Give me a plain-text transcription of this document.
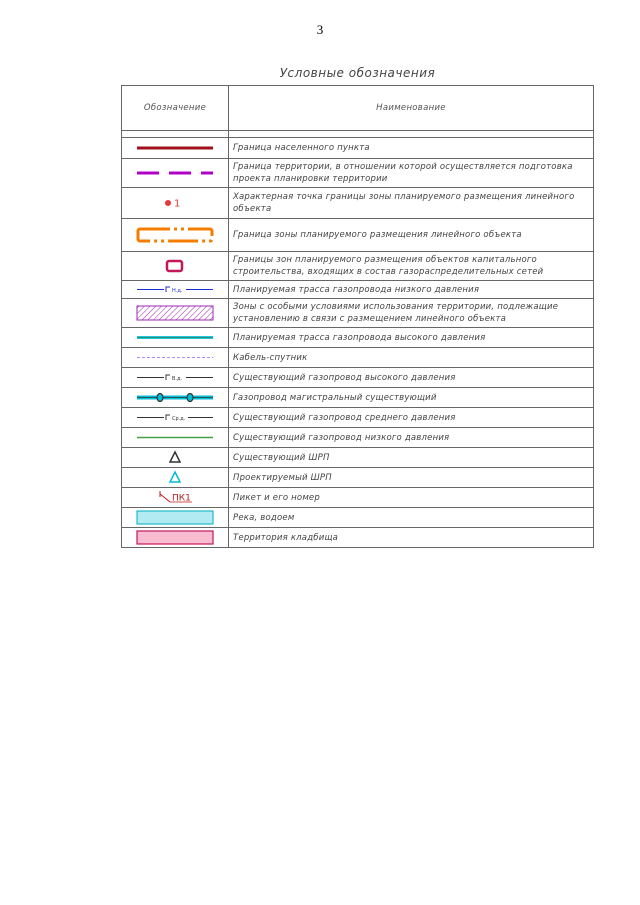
3
Условные обозначения
Обозначение	Наименование

	Граница населенного пункта

	Граница территории, в отношении которой осуществляется подготовка проекта планировки территории

1	Характерная точка границы зоны планируемого размещения линейного объекта

	Граница зоны планируемого размещения линейного объекта

	Границы зон планируемого размещения объектов капитального строительства, входящих в состав газораспределительных сетей

Н.д.	Планируемая трасса газопровода низкого давления

	Зоны с особыми условиями использования территории, подлежащие установлению в связи с размещением линейного объекта

	Планируемая трасса газопровода высокого давления

	Кабель-спутник

В.д.	Существующий газопровод высокого давления

	Газопровод магистральный существующий

Ср.д.	Существующий газопровод среднего давления

	Существующий газопровод низкого давления

	Существующий ШРП

	Проектируемый ШРП

ПК1	Пикет и его номер

	Река, водоем

	Территория кладбища
